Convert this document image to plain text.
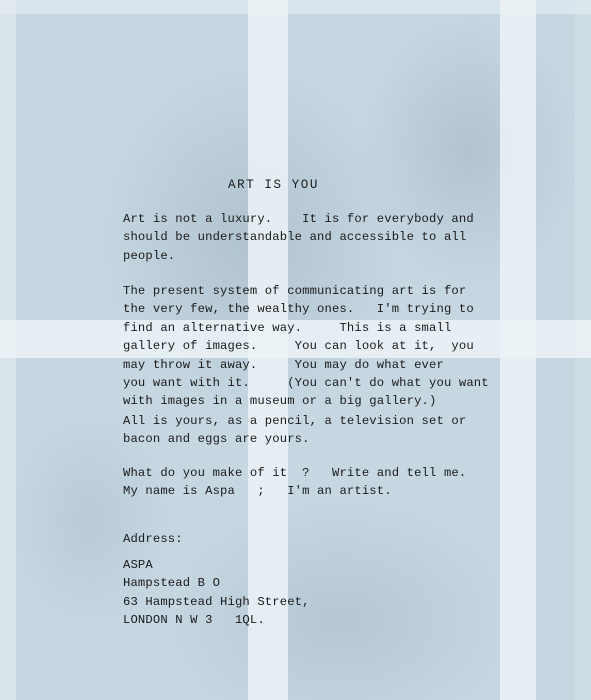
ART IS YOU
Art is not a luxury.    It is for everybody and
should be understandable and accessible to all
people.
The present system of communicating art is for
the very few, the wealthy ones.   I'm trying to
find an alternative way.     This is a small
gallery of images.     You can look at it,  you
may throw it away.     You may do what ever
you want with it.     (You can't do what you want
with images in a museum or a big gallery.)
All is yours, as a pencil, a television set or
bacon and eggs are yours.
What do you make of it  ?   Write and tell me.
My name is Aspa   ;   I'm an artist.
Address:
ASPA
Hampstead B O
63 Hampstead High Street,
LONDON N W 3   1QL.
